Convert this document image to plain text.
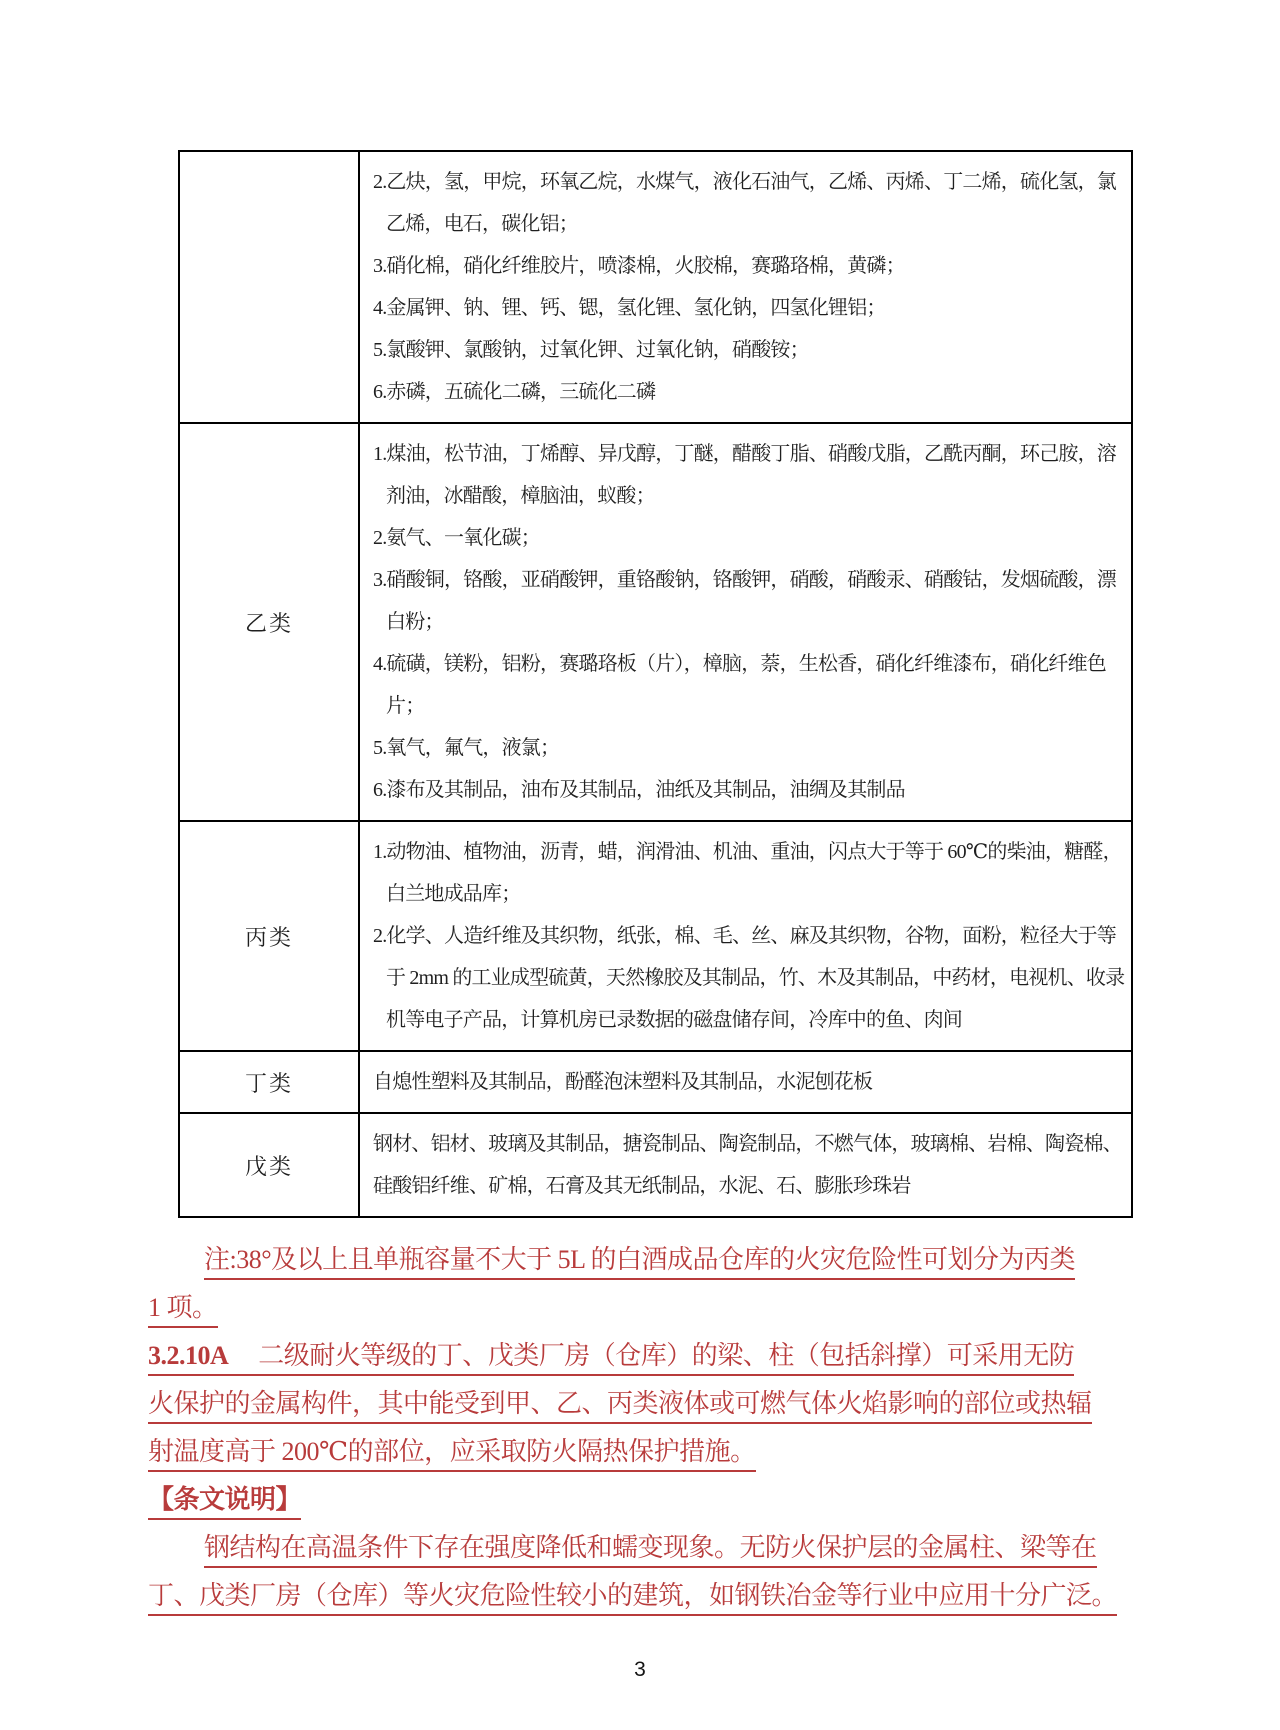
2.乙炔，氢，甲烷，环氧乙烷，水煤气，液化石油气，乙烯、丙烯、丁二烯，硫化氢，氯
乙烯，电石，碳化铝；
3.硝化棉，硝化纤维胶片，喷漆棉，火胶棉，赛璐珞棉，黄磷；
4.金属钾、钠、锂、钙、锶，氢化锂、氢化钠，四氢化锂铝；
5.氯酸钾、氯酸钠，过氧化钾、过氧化钠，硝酸铵；
6.赤磷，五硫化二磷，三硫化二磷
乙类
1.煤油，松节油，丁烯醇、异戊醇，丁醚，醋酸丁脂、硝酸戊脂，乙酰丙酮，环己胺，溶
剂油，冰醋酸，樟脑油，蚁酸；
2.氨气、一氧化碳；
3.硝酸铜，铬酸，亚硝酸钾，重铬酸钠，铬酸钾，硝酸，硝酸汞、硝酸钴，发烟硫酸，漂
白粉；
4.硫磺，镁粉，铝粉，赛璐珞板（片），樟脑，萘，生松香，硝化纤维漆布，硝化纤维色
片；
5.氧气，氟气，液氯；
6.漆布及其制品，油布及其制品，油纸及其制品，油绸及其制品
丙类
1.动物油、植物油，沥青，蜡，润滑油、机油、重油，闪点大于等于 60℃的柴油，糖醛，
白兰地成品库；
2.化学、人造纤维及其织物，纸张，棉、毛、丝、麻及其织物，谷物，面粉，粒径大于等
于 2mm 的工业成型硫黄，天然橡胶及其制品，竹、木及其制品，中药材，电视机、收录
机等电子产品，计算机房已录数据的磁盘储存间，冷库中的鱼、肉间
丁类	自熄性塑料及其制品，酚醛泡沫塑料及其制品，水泥刨花板
戊类
钢材、铝材、玻璃及其制品，搪瓷制品、陶瓷制品，不燃气体，玻璃棉、岩棉、陶瓷棉、
硅酸铝纤维、矿棉，石膏及其无纸制品，水泥、石、膨胀珍珠岩
注:38°及以上且单瓶容量不大于 5L 的白酒成品仓库的火灾危险性可划分为丙类
1 项。
3.2.10A 二级耐火等级的丁、戊类厂房（仓库）的梁、柱（包括斜撑）可采用无防
火保护的金属构件，其中能受到甲、乙、丙类液体或可燃气体火焰影响的部位或热辐
射温度高于 200℃的部位，应采取防火隔热保护措施。
【条文说明】
钢结构在高温条件下存在强度降低和蠕变现象。无防火保护层的金属柱、梁等在
丁、戊类厂房（仓库）等火灾危险性较小的建筑，如钢铁冶金等行业中应用十分广泛。
3
